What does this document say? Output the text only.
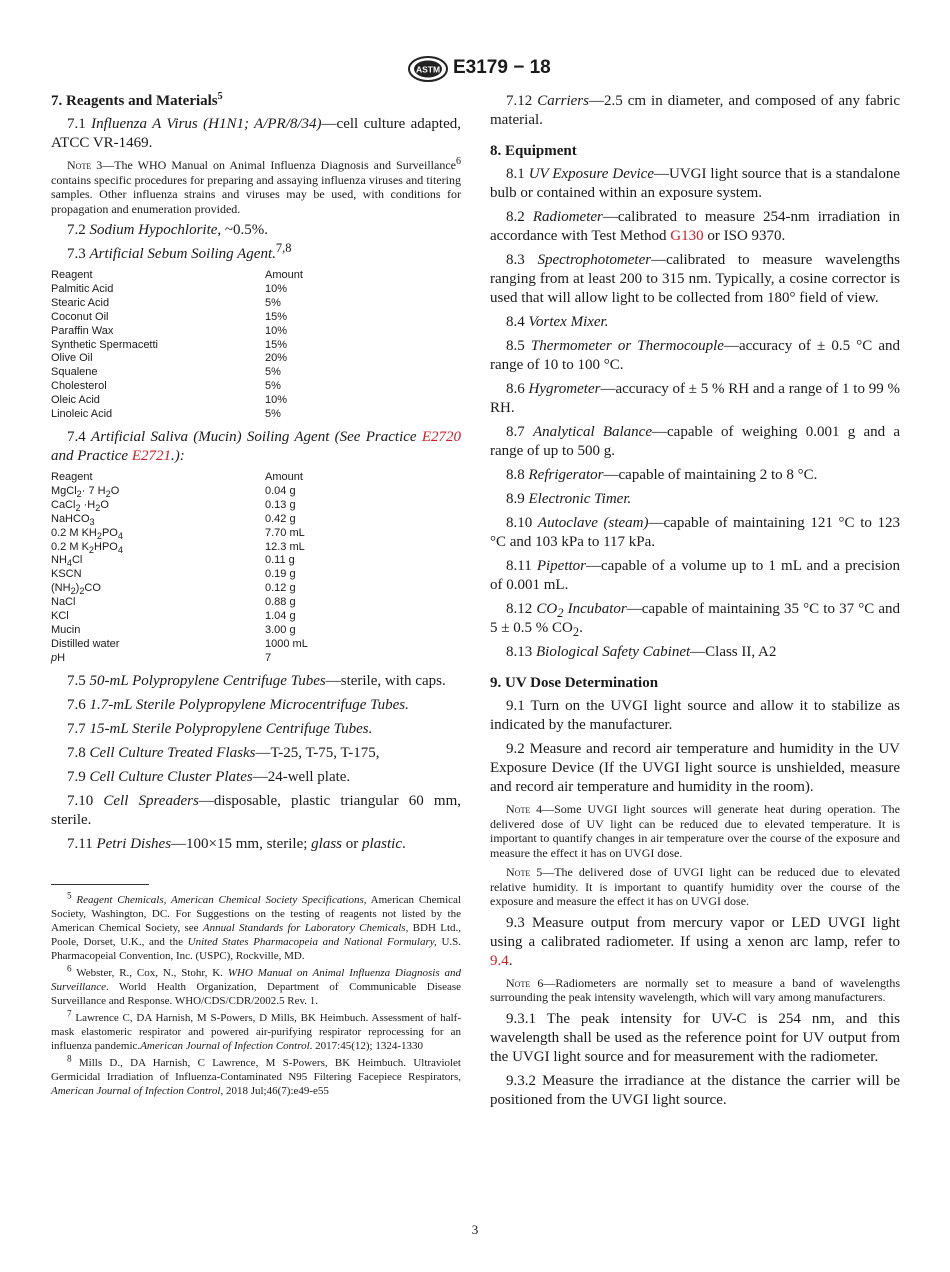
ASTM E3179 − 18
7. Reagents and Materials$^5$
7.1 Influenza A Virus (H1N1; A/PR/8/34)—cell culture adapted, ATCC VR-1469.
Note 3—The WHO Manual on Animal Influenza Diagnosis and Surveillance$^6$ contains specific procedures for preparing and assaying influenza viruses and titering samples. Other influenza strains and viruses may be used, with conditions for propagation and enumeration provided.
7.2 Sodium Hypochlorite, ~0.5%.
7.3 Artificial Sebum Soiling Agent.$^{7,8}$
Reagent	Amount
Palmitic Acid	10%
Stearic Acid	5%
Coconut Oil	15%
Paraffin Wax	10%
Synthetic Spermacetti	15%
Olive Oil	20%
Squalene	5%
Cholesterol	5%
Oleic Acid	10%
Linoleic Acid	5%
7.4 Artificial Saliva (Mucin) Soiling Agent (See Practice E2720 and Practice E2721.):
Reagent	Amount
MgCl$_2$· 7 $H_2O$	0.04 g
CaCl$_2$ $\cdot H_2O$	0.13 g
NaHCO$_3$	0.42 g
0.2 M $KH_2PO_4$	7.70 mL
0.2 M $K_2HPO_4$	12.3 mL
$NH_4Cl$	0.11 g
KSCN	0.19 g
$(NH_2)_2CO$	0.12 g
NaCl	0.88 g
KCl	1.04 g
Mucin	3.00 g
Distilled water	1000 mL
pH	7
7.5 50-mL Polypropylene Centrifuge Tubes—sterile, with caps.
7.6 1.7-mL Sterile Polypropylene Microcentrifuge Tubes.
7.7 15-mL Sterile Polypropylene Centrifuge Tubes.
7.8 Cell Culture Treated Flasks—T-25, T-75, T-175,
7.9 Cell Culture Cluster Plates—24-well plate.
7.10 Cell Spreaders—disposable, plastic triangular 60 mm, sterile.
7.11 Petri Dishes—100×15 mm, sterile; glass or plastic.
$^5$ Reagent Chemicals, American Chemical Society Specifications, American Chemical Society, Washington, DC. For Suggestions on the testing of reagents not listed by the American Chemical Society, see Annual Standards for Laboratory Chemicals, BDH Ltd., Poole, Dorset, U.K., and the United States Pharmacopeia and National Formulary, U.S. Pharmacopeial Convention, Inc. (USPC), Rockville, MD.
$^6$ Webster, R., Cox, N., Stohr, K. WHO Manual on Animal Influenza Diagnosis and Surveillance. World Health Organization, Department of Communicable Disease Surveillance and Response. WHO/CDS/CDR/2002.5 Rev. 1.
$^7$ Lawrence C, DA Harnish, M S-Powers, D Mills, BK Heimbuch. Assessment of half-mask elastomeric respirator and powered air-purifying respirator reprocessing for an influenza pandemic.American Journal of Infection Control. 2017:45(12); 1324-1330
$^8$ Mills D., DA Harnish, C Lawrence, M S-Powers, BK Heimbuch. Ultraviolet Germicidal Irradiation of Influenza-Contaminated N95 Filtering Facepiece Respirators, American Journal of Infection Control, 2018 Jul;46(7):e49-e55
7.12 Carriers—2.5 cm in diameter, and composed of any fabric material.
8. Equipment
8.1 UV Exposure Device—UVGI light source that is a standalone bulb or contained within an exposure system.
8.2 Radiometer—calibrated to measure 254-nm irradiation in accordance with Test Method G130 or ISO 9370.
8.3 Spectrophotometer—calibrated to measure wavelengths ranging from at least 200 to 315 nm. Typically, a cosine corrector is used that will allow light to be collected from 180° field of view.
8.4 Vortex Mixer.
8.5 Thermometer or Thermocouple—accuracy of ± 0.5 °C and range of 10 to 100 °C.
8.6 Hygrometer—accuracy of ± 5 % RH and a range of 1 to 99 % RH.
8.7 Analytical Balance—capable of weighing 0.001 g and a range of up to 500 g.
8.8 Refrigerator—capable of maintaining 2 to 8 °C.
8.9 Electronic Timer.
8.10 Autoclave (steam)—capable of maintaining 121 °C to 123 °C and 103 kPa to 117 kPa.
8.11 Pipettor—capable of a volume up to 1 mL and a precision of 0.001 mL.
8.12 $CO_2$ Incubator—capable of maintaining 35 °C to 37 °C and 5 ± 0.5 % $CO_2$.
8.13 Biological Safety Cabinet—Class II, A2
9. UV Dose Determination
9.1 Turn on the UVGI light source and allow it to stabilize as indicated by the manufacturer.
9.2 Measure and record air temperature and humidity in the UV Exposure Device (If the UVGI light source is unshielded, measure and record air temperature and humidity in the room).
Note 4—Some UVGI light sources will generate heat during operation. The delivered dose of UV light can be reduced due to elevated temperature. It is important to quantify changes in air temperature over the course of the exposure and measure the effect it has on UVGI dose.
Note 5—The delivered dose of UVGI light can be reduced due to elevated relative humidity. It is important to quantify humidity over the course of the exposure and measure the effect it has on UVGI dose.
9.3 Measure output from mercury vapor or LED UVGI light using a calibrated radiometer. If using a xenon arc lamp, refer to 9.4.
Note 6—Radiometers are normally set to measure a band of wavelengths surrounding the peak intensity wavelength, which will vary among manufacturers.
9.3.1 The peak intensity for UV-C is 254 nm, and this wavelength shall be used as the reference point for UV output from the UVGI light source and for measurement with the radiometer.
9.3.2 Measure the irradiance at the distance the carrier will be positioned from the UVGI light source.
3
